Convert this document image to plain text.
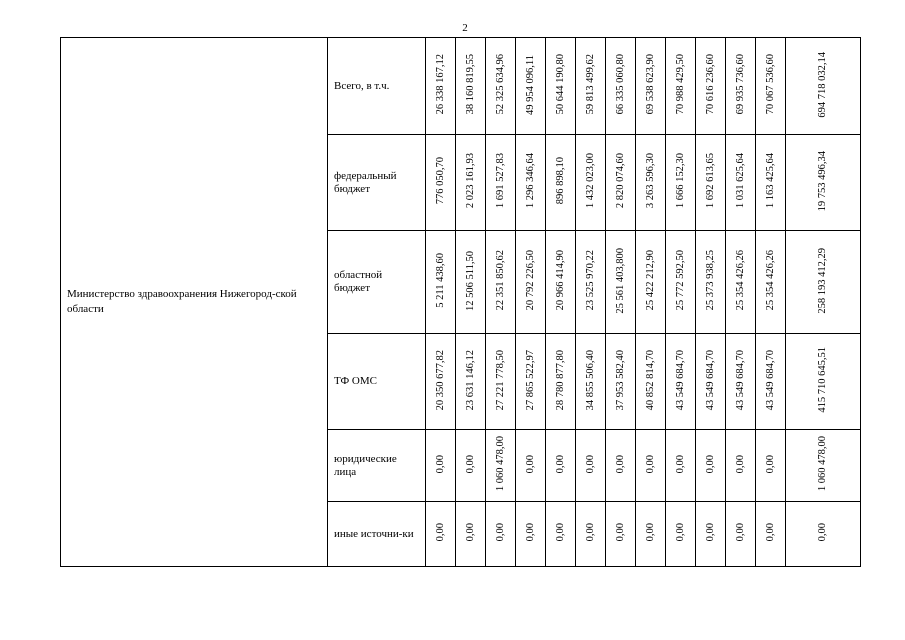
2
Министерство здравоохранения Нижегород-ской области	Всего, в т.ч.	26 338 167,12	38 160 819,55	52 325 634,96	49 954 096,11	50 644 190,80	59 813 499,62	66 335 060,80	69 538 623,90	70 988 429,50	70 616 236,60	69 935 736,60	70 067 536,60	694 718 032,14
	федеральный бюджет	776 050,70	2 023 161,93	1 691 527,83	1 296 346,64	896 898,10	1 432 023,00	2 820 074,60	3 263 596,30	1 666 152,30	1 692 613,65	1 031 625,64	1 163 425,64	19 753 496,34
	областной бюджет	5 211 438,60	12 506 511,50	22 351 850,62	20 792 226,50	20 966 414,90	23 525 970,22	25 561 403,800	25 422 212,90	25 772 592,50	25 373 938,25	25 354 426,26	25 354 426,26	258 193 412,29
	ТФ ОМС	20 350 677,82	23 631 146,12	27 221 778,50	27 865 522,97	28 780 877,80	34 855 506,40	37 953 582,40	40 852 814,70	43 549 684,70	43 549 684,70	43 549 684,70	43 549 684,70	415 710 645,51
	юридические лица	0,00	0,00	1 060 478,00	0,00	0,00	0,00	0,00	0,00	0,00	0,00	0,00	0,00	1 060 478,00
	иные источни-ки	0,00	0,00	0,00	0,00	0,00	0,00	0,00	0,00	0,00	0,00	0,00	0,00	0,00
